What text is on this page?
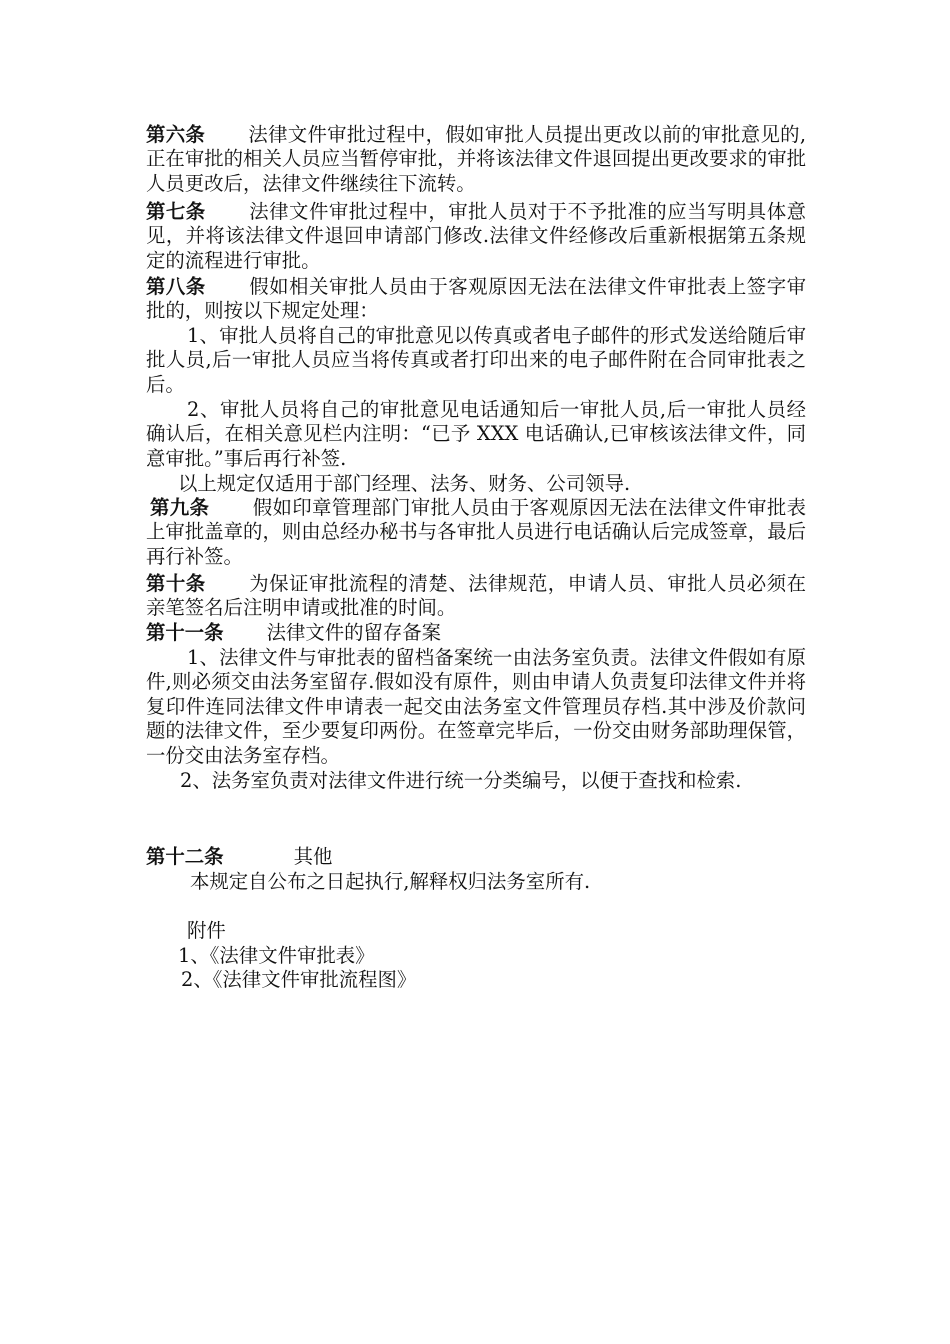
第六条 法律文件审批过程中，假如审批人员提出更改以前的审批意见的,正在审批的相关人员应当暂停审批，并将该法律文件退回提出更改要求的审批人员更改后，法律文件继续往下流转。

第七条 法律文件审批过程中，审批人员对于不予批准的应当写明具体意见，并将该法律文件退回申请部门修改.法律文件经修改后重新根据第五条规定的流程进行审批。

第八条 假如相关审批人员由于客观原因无法在法律文件审批表上签字审批的，则按以下规定处理：

1、审批人员将自己的审批意见以传真或者电子邮件的形式发送给随后审批人员,后一审批人员应当将传真或者打印出来的电子邮件附在合同审批表之后。

2、审批人员将自己的审批意见电话通知后一审批人员,后一审批人员经确认后，在相关意见栏内注明：“已予 XXX 电话确认,已审核该法律文件，同意审批。”事后再行补签.

以上规定仅适用于部门经理、法务、财务、公司领导.

第九条 假如印章管理部门审批人员由于客观原因无法在法律文件审批表上审批盖章的，则由总经办秘书与各审批人员进行电话确认后完成签章，最后再行补签。

第十条 为保证审批流程的清楚、法律规范，申请人员、审批人员必须在亲笔签名后注明申请或批准的时间。

第十一条 法律文件的留存备案

1、法律文件与审批表的留档备案统一由法务室负责。法律文件假如有原件,则必须交由法务室留存.假如没有原件，则由申请人负责复印法律文件并将复印件连同法律文件申请表一起交由法务室文件管理员存档.其中涉及价款问题的法律文件，至少要复印两份。在签章完毕后，一份交由财务部助理保管，一份交由法务室存档。

2、法务室负责对法律文件进行统一分类编号，以便于查找和检索.

第十二条	其他

本规定自公布之日起执行,解释权归法务室所有.

附件

1、《法律文件审批表》

2、《法律文件审批流程图》
